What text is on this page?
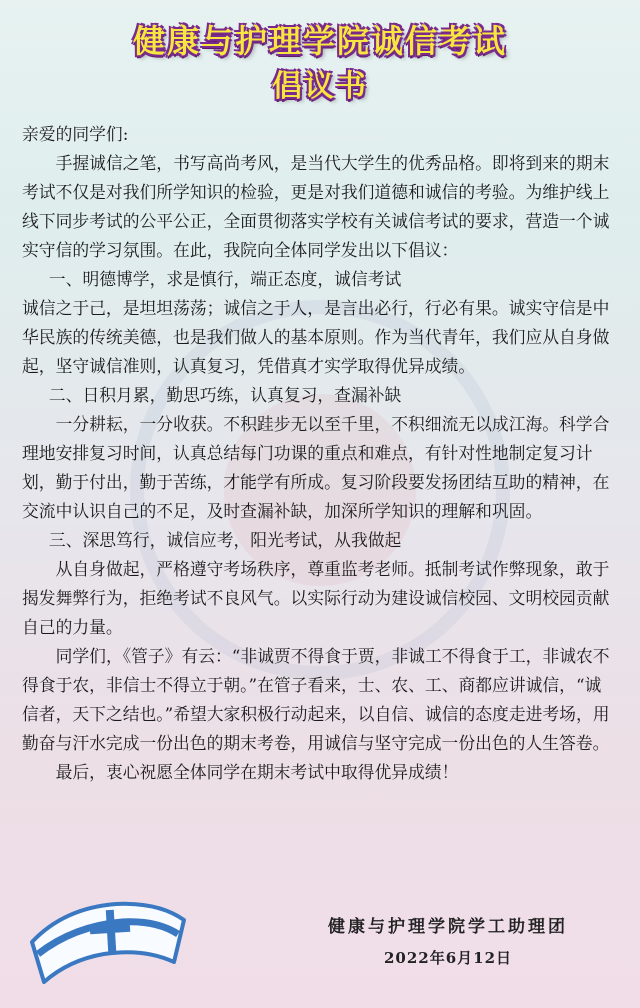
健康与护理学院诚信考试
倡议书

亲爱的同学们:

手握诚信之笔，书写高尚考风，是当代大学生的优秀品格。即将到来的期末考试不仅是对我们所学知识的检验，更是对我们道德和诚信的考验。为维护线上线下同步考试的公平公正，全面贯彻落实学校有关诚信考试的要求，营造一个诚实守信的学习氛围。在此，我院向全体同学发出以下倡议：

一、明德博学，求是慎行，端正态度，诚信考试

诚信之于己，是坦坦荡荡；诚信之于人，是言出必行，行必有果。诚实守信是中华民族的传统美德，也是我们做人的基本原则。作为当代青年，我们应从自身做起，坚守诚信准则，认真复习，凭借真才实学取得优异成绩。

二、日积月累，勤思巧练，认真复习，查漏补缺

一分耕耘，一分收获。不积跬步无以至千里，不积细流无以成江海。科学合理地安排复习时间，认真总结每门功课的重点和难点，有针对性地制定复习计划，勤于付出，勤于苦练，才能学有所成。复习阶段要发扬团结互助的精神，在交流中认识自己的不足，及时查漏补缺，加深所学知识的理解和巩固。

三、深思笃行，诚信应考，阳光考试，从我做起

从自身做起，严格遵守考场秩序，尊重监考老师。抵制考试作弊现象，敢于揭发舞弊行为，拒绝考试不良风气。以实际行动为建设诚信校园、文明校园贡献自己的力量。

同学们，《管子》有云：“非诚贾不得食于贾，非诚工不得食于工，非诚农不得食于农，非信士不得立于朝。”在管子看来，士、农、工、商都应讲诚信，“诚信者，天下之结也。”希望大家积极行动起来，以自信、诚信的态度走进考场，用勤奋与汗水完成一份出色的期末考卷，用诚信与坚守完成一份出色的人生答卷。

最后，衷心祝愿全体同学在期末考试中取得优异成绩！

健康与护理学院学工助理团
2022年6月12日
